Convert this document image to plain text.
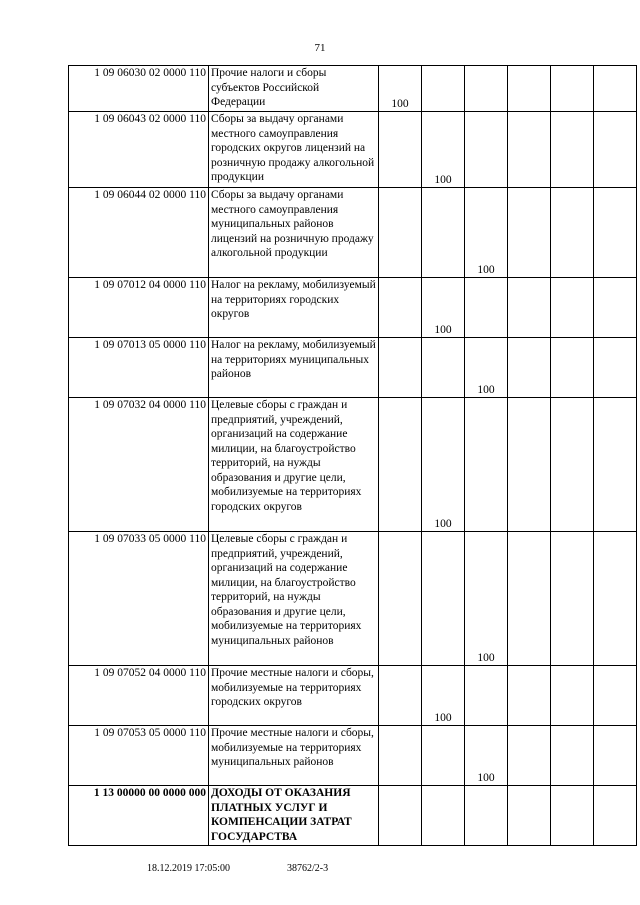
71
1 09 06030 02 0000 110	Прочие налоги и сборы субъектов Российской Федерации	100					

1 09 06043 02 0000 110	Сборы за выдачу органами местного самоуправления городских округов лицензий на розничную продажу алкогольной продукции		100				

1 09 06044 02 0000 110	Сборы за выдачу органами местного самоуправления муниципальных районов лицензий на розничную продажу алкогольной продукции			100			

1 09 07012 04 0000 110	Налог на рекламу, мобилизуемый на территориях городских округов		100				

1 09 07013 05 0000 110	Налог на рекламу, мобилизуемый на территориях муниципальных районов			100			

1 09 07032 04 0000 110	Целевые сборы с граждан и предприятий, учреждений, организаций на содержание милиции, на благоустройство территорий, на нужды образования и другие цели, мобилизуемые на территориях городских округов		100				

1 09 07033 05 0000 110	Целевые сборы с граждан и предприятий, учреждений, организаций на содержание милиции, на благоустройство территорий, на нужды образования и другие цели, мобилизуемые на территориях муниципальных районов			100			

1 09 07052 04 0000 110	Прочие местные налоги и сборы, мобилизуемые на территориях городских округов		100				

1 09 07053 05 0000 110	Прочие местные налоги и сборы, мобилизуемые на территориях муниципальных районов			100			

1 13 00000 00 0000 000	ДОХОДЫ ОТ ОКАЗАНИЯ ПЛАТНЫХ УСЛУГ И КОМПЕНСАЦИИ ЗАТРАТ ГОСУДАРСТВА	

18.12.2019 17:05:00	38762/2-3
